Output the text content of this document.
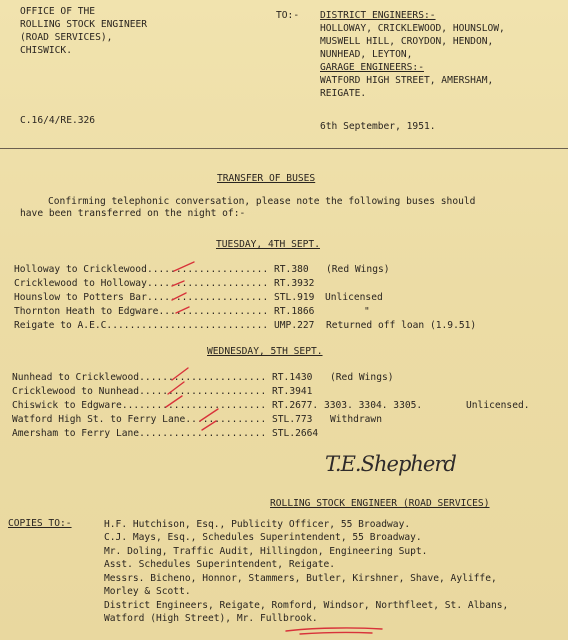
OFFICE OF THE
ROLLING STOCK ENGINEER
(ROAD SERVICES),
CHISWICK.
TO:- DISTRICT ENGINEERS:-
HOLLOWAY, CRICKLEWOOD, HOUNSLOW,
MUSWELL HILL, CROYDON, HENDON,
NUNHEAD, LEYTON,
GARAGE ENGINEERS:-
WATFORD HIGH STREET, AMERSHAM,
REIGATE.
C.16/4/RE.326
6th September, 1951.
TRANSFER OF BUSES
Confirming telephonic conversation, please note the following buses should
have been transferred on the night of:-
TUESDAY, 4TH SEPT.
Holloway to Cricklewood ..................... RT.380 (Red Wings)
Cricklewood to Holloway ..................... RT.3932
Hounslow to Potters Bar ..................... STL.919 Unlicensed
Thornton Heath to Edgware ................... RT.1866	"
Reigate to A.E.C. ........................... UMP.227 Returned off loan (1.9.51)
WEDNESDAY, 5TH SEPT.
Nunhead to Cricklewood ...................... RT.1430 (Red Wings)
Cricklewood to Nunhead ...................... RT.3941
Chiswick to Edgware ......................... RT.2677. 3303. 3304. 3305.	Unlicensed.
Watford High St. to Ferry Lane .............. STL.773 Withdrawn
Amersham to Ferry Lane ...................... STL.2664
T.E.Shepherd
ROLLING STOCK ENGINEER (ROAD SERVICES)
COPIES TO:-	H.F. Hutchison, Esq., Publicity Officer, 55 Broadway.
C.J. Mays, Esq., Schedules Superintendent, 55 Broadway.
Mr. Doling, Traffic Audit, Hillingdon, Engineering Supt.
Asst. Schedules Superintendent, Reigate.
Messrs. Bicheno, Honnor, Stammers, Butler, Kirshner, Shave, Ayliffe,
Morley & Scott.
District Engineers, Reigate, Romford, Windsor, Northfleet, St. Albans,
Watford (High Street), Mr. Fullbrook.
